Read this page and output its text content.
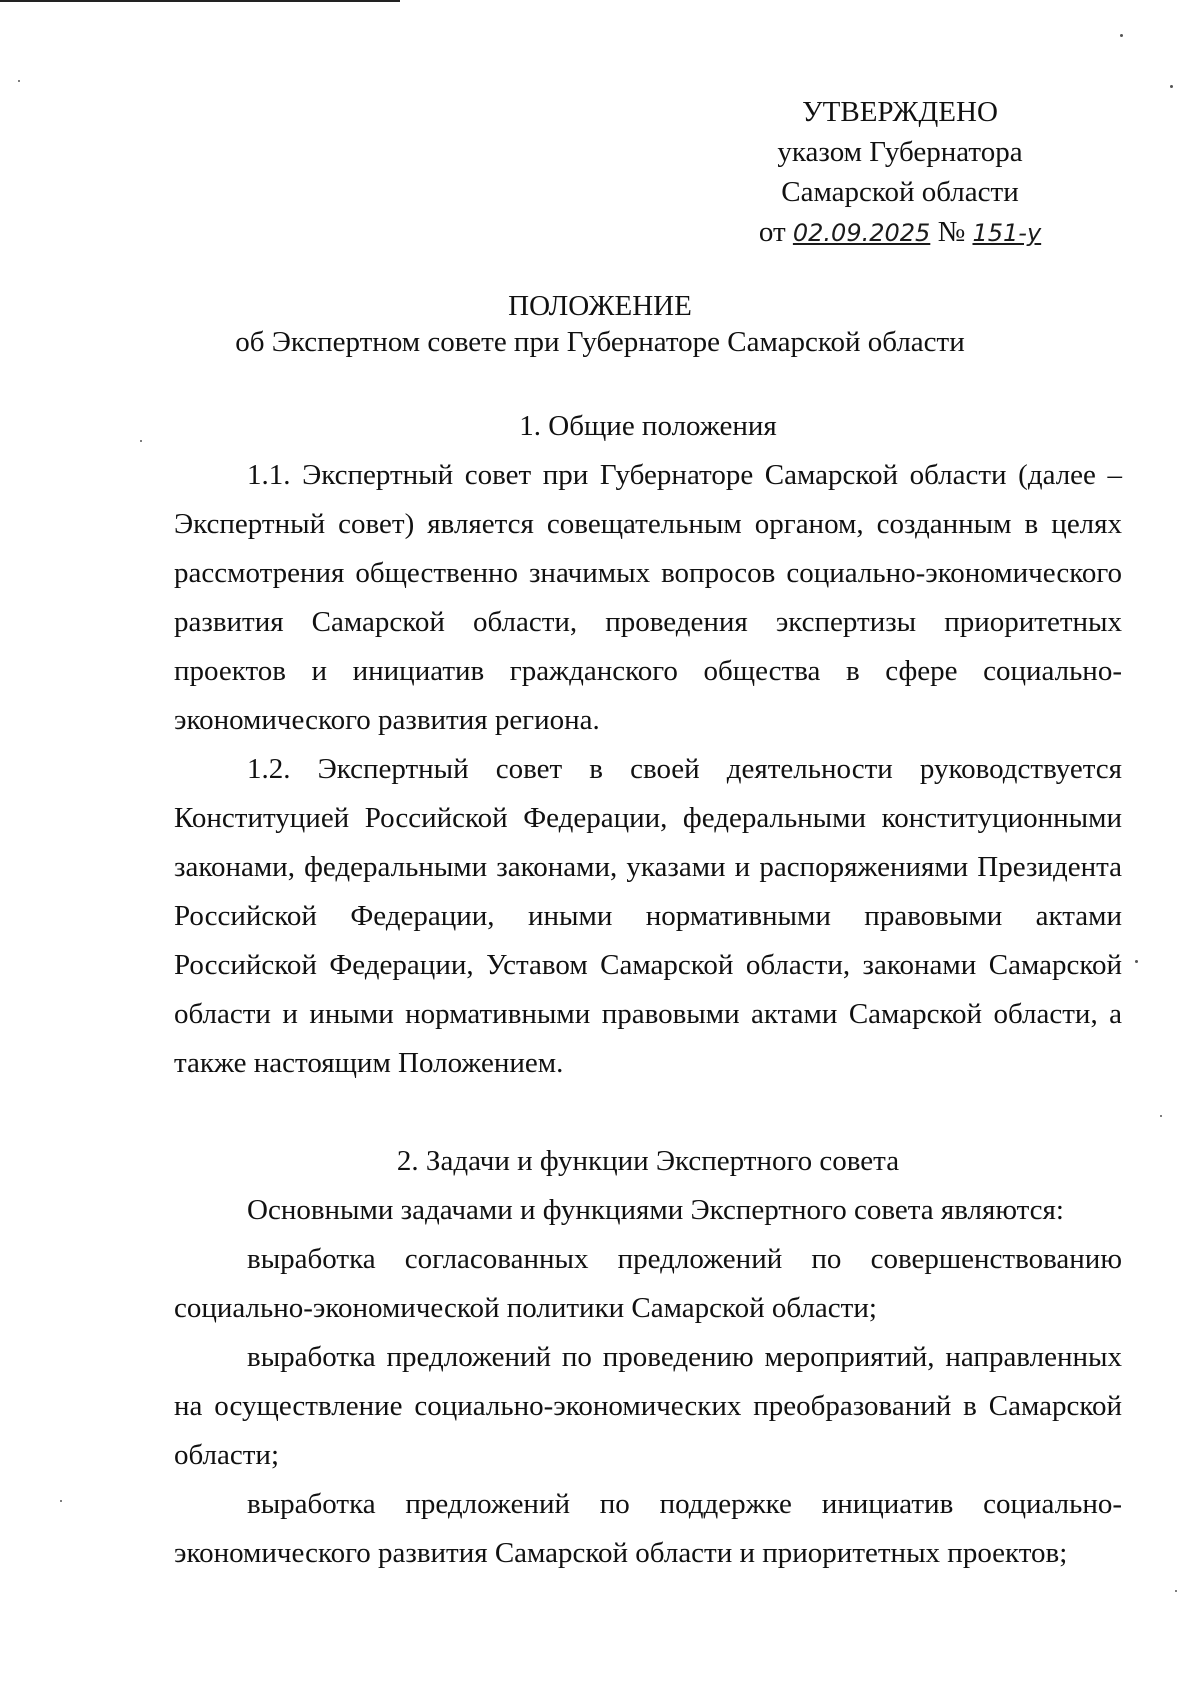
УТВЕРЖДЕНО
указом Губернатора
Самарской области
от 02.09.2025 № 151-у
ПОЛОЖЕНИЕ
об Экспертном совете при Губернаторе Самарской области

1. Общие положения

1.1. Экспертный совет при Губернаторе Самарской области (далее – Экспертный совет) является совещательным органом, созданным в целях рассмотрения общественно значимых вопросов социально-экономического развития Самарской области, проведения экспертизы приоритетных проектов и инициатив гражданского общества в сфере социально-экономического развития региона.

1.2. Экспертный совет в своей деятельности руководствуется Конституцией Российской Федерации, федеральными конституционными законами, федеральными законами, указами и распоряжениями Президента Российской Федерации, иными нормативными правовыми актами Российской Федерации, Уставом Самарской области, законами Самарской области и иными нормативными правовыми актами Самарской области, а также настоящим Положением.

2. Задачи и функции Экспертного совета

Основными задачами и функциями Экспертного совета являются:

выработка согласованных предложений по совершенствованию социально-экономической политики Самарской области;

выработка предложений по проведению мероприятий, направленных на осуществление социально-экономических преобразований в Самарской области;

выработка предложений по поддержке инициатив социально-экономического развития Самарской области и приоритетных проектов;
